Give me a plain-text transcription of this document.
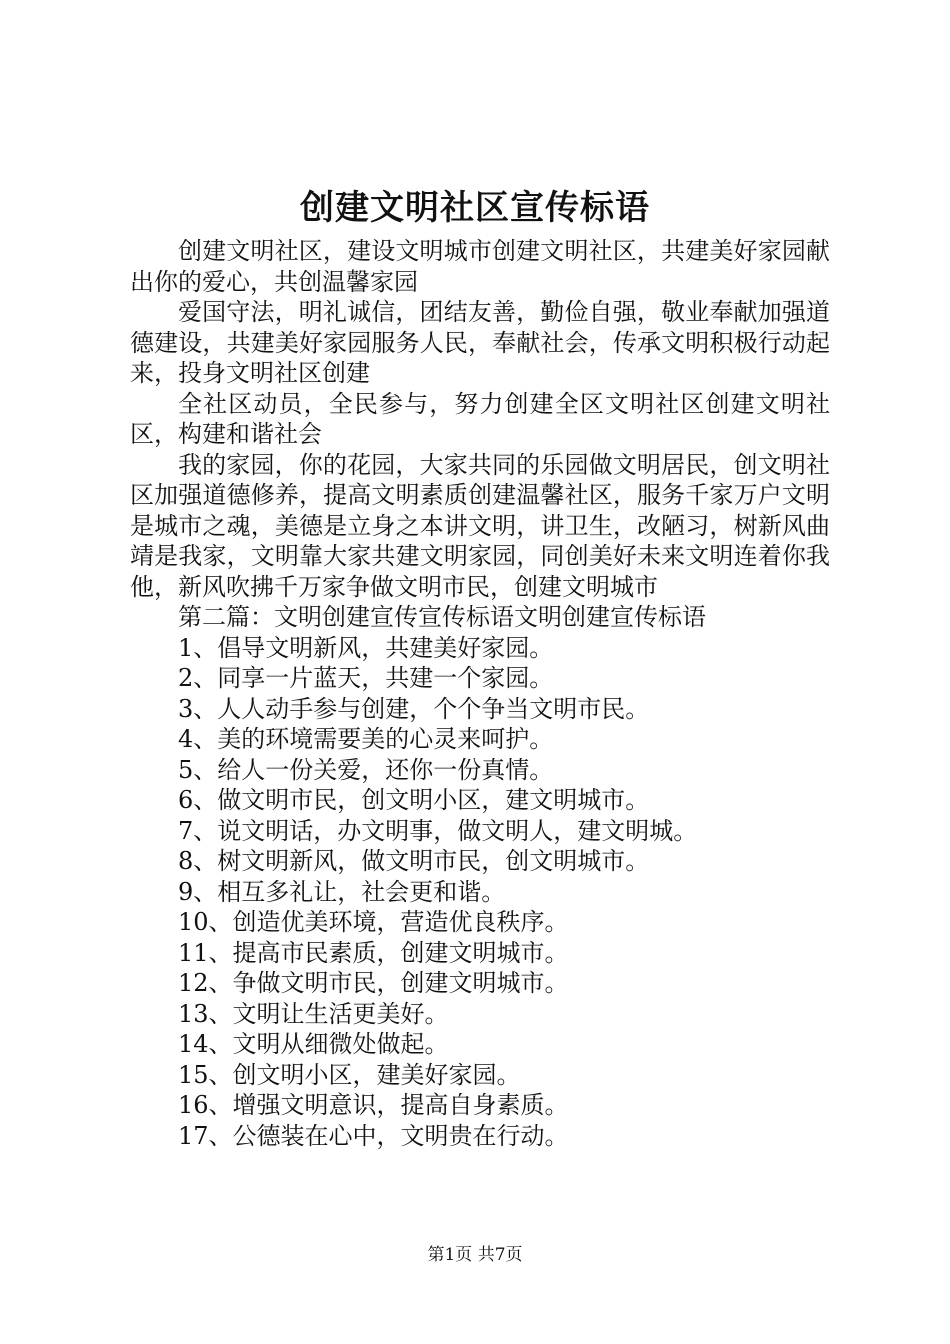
创建文明社区宣传标语

创建文明社区，建设文明城市创建文明社区，共建美好家园献出你的爱心，共创温馨家园

爱国守法，明礼诚信，团结友善，勤俭自强，敬业奉献加强道德建设，共建美好家园服务人民，奉献社会，传承文明积极行动起来，投身文明社区创建

全社区动员，全民参与，努力创建全区文明社区创建文明社区，构建和谐社会

我的家园，你的花园，大家共同的乐园做文明居民，创文明社区加强道德修养，提高文明素质创建温馨社区，服务千家万户文明是城市之魂，美德是立身之本讲文明，讲卫生，改陋习，树新风曲靖是我家，文明靠大家共建文明家园，同创美好未来文明连着你我他，新风吹拂千万家争做文明市民，创建文明城市

第二篇：文明创建宣传宣传标语文明创建宣传标语

1、倡导文明新风，共建美好家园。

2、同享一片蓝天，共建一个家园。

3、人人动手参与创建，个个争当文明市民。

4、美的环境需要美的心灵来呵护。

5、给人一份关爱，还你一份真情。

6、做文明市民，创文明小区，建文明城市。

7、说文明话，办文明事，做文明人，建文明城。

8、树文明新风，做文明市民，创文明城市。

9、相互多礼让，社会更和谐。

10、创造优美环境，营造优良秩序。

11、提高市民素质，创建文明城市。

12、争做文明市民，创建文明城市。

13、文明让生活更美好。

14、文明从细微处做起。

15、创文明小区，建美好家园。

16、增强文明意识，提高自身素质。

17、公德装在心中，文明贵在行动。

第1页 共7页
